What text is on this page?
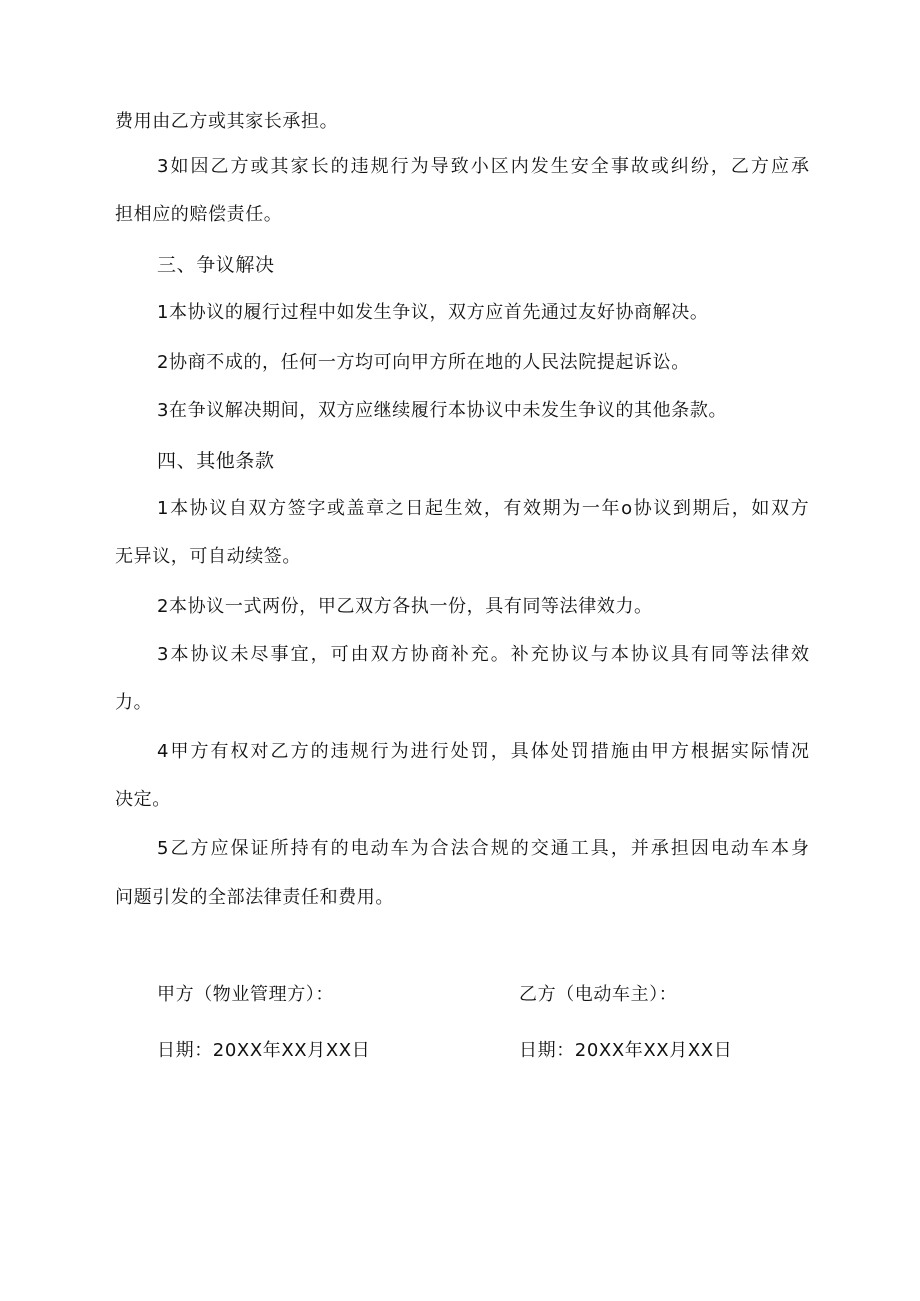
费用由乙方或其家长承担。
3 如 因 乙 方 或 其 家 长 的 违 规 行 为 导 致 小 区 内 发 生 安 全 事 故 或 纠 纷 ， 乙 方 应 承
担相应的赔偿责任。
三、争议解决
1本协议的履行过程中如发生争议，双方应首先通过友好协商解决。
2协商不成的，任何一方均可向甲方所在地的人民法院提起诉讼。
3在争议解决期间，双方应继续履行本协议中未发生争议的其他条款。
四、其他条款
1 本 协 议 自 双 方 签 字 或 盖 章 之 日 起 生 效 ， 有 效 期 为 一 年 o 协 议 到 期 后 ， 如 双 方
无异议，可自动续签。
2本协议一式两份，甲乙双方各执一份，具有同等法律效力。
3 本 协 议 未 尽 事 宜 ， 可 由 双 方 协 商 补 充 。 补 充 协 议 与 本 协 议 具 有 同 等 法 律 效
力。
4 甲 方 有 权 对 乙 方 的 违 规 行 为 进 行 处 罚 ， 具 体 处 罚 措 施 由 甲 方 根 据 实 际 情 况
决定。
5 乙 方 应 保 证 所 持 有 的 电 动 车 为 合 法 合 规 的 交 通 工 具 ， 并 承 担 因 电 动 车 本 身
问题引发的全部法律责任和费用。
甲方（物业管理方）：	乙方（电动车主）：
日期：20XX年XX月XX日	日期：20XX年XX月XX日
